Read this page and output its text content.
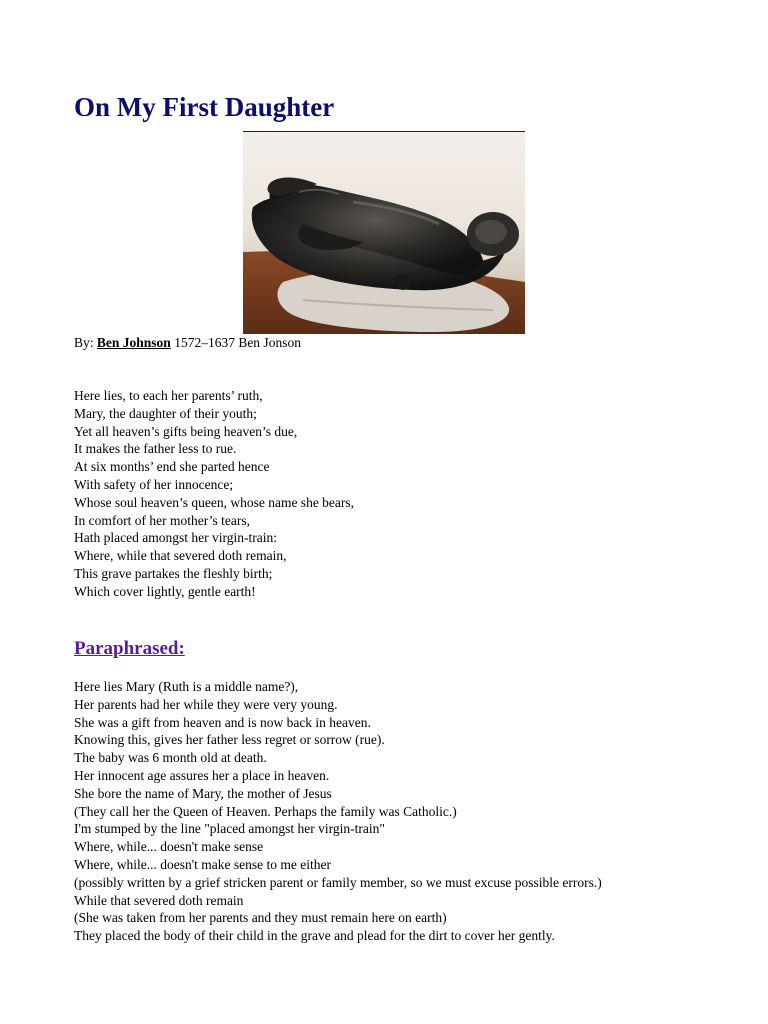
On My First Daughter
By: Ben Johnson 1572–1637 Ben Jonson
Here lies, to each her parents’ ruth,
Mary, the daughter of their youth;
Yet all heaven’s gifts being heaven’s due,
It makes the father less to rue.
At six months’ end she parted hence
With safety of her innocence;
Whose soul heaven’s queen, whose name she bears,
In comfort of her mother’s tears,
Hath placed amongst her virgin-train:
Where, while that severed doth remain,
This grave partakes the fleshly birth;
Which cover lightly, gentle earth!
Paraphrased:
Here lies Mary (Ruth is a middle name?),
Her parents had her while they were very young.
She was a gift from heaven and is now back in heaven.
Knowing this, gives her father less regret or sorrow (rue).
The baby was 6 month old at death.
Her innocent age assures her a place in heaven.
She bore the name of Mary, the mother of Jesus
(They call her the Queen of Heaven. Perhaps the family was Catholic.)
I'm stumped by the line "placed amongst her virgin-train"
Where, while... doesn't make sense
Where, while... doesn't make sense to me either
(possibly written by a grief stricken parent or family member, so we must excuse possible errors.)
While that severed doth remain
(She was taken from her parents and they must remain here on earth)
They placed the body of their child in the grave and plead for the dirt to cover her gently.
